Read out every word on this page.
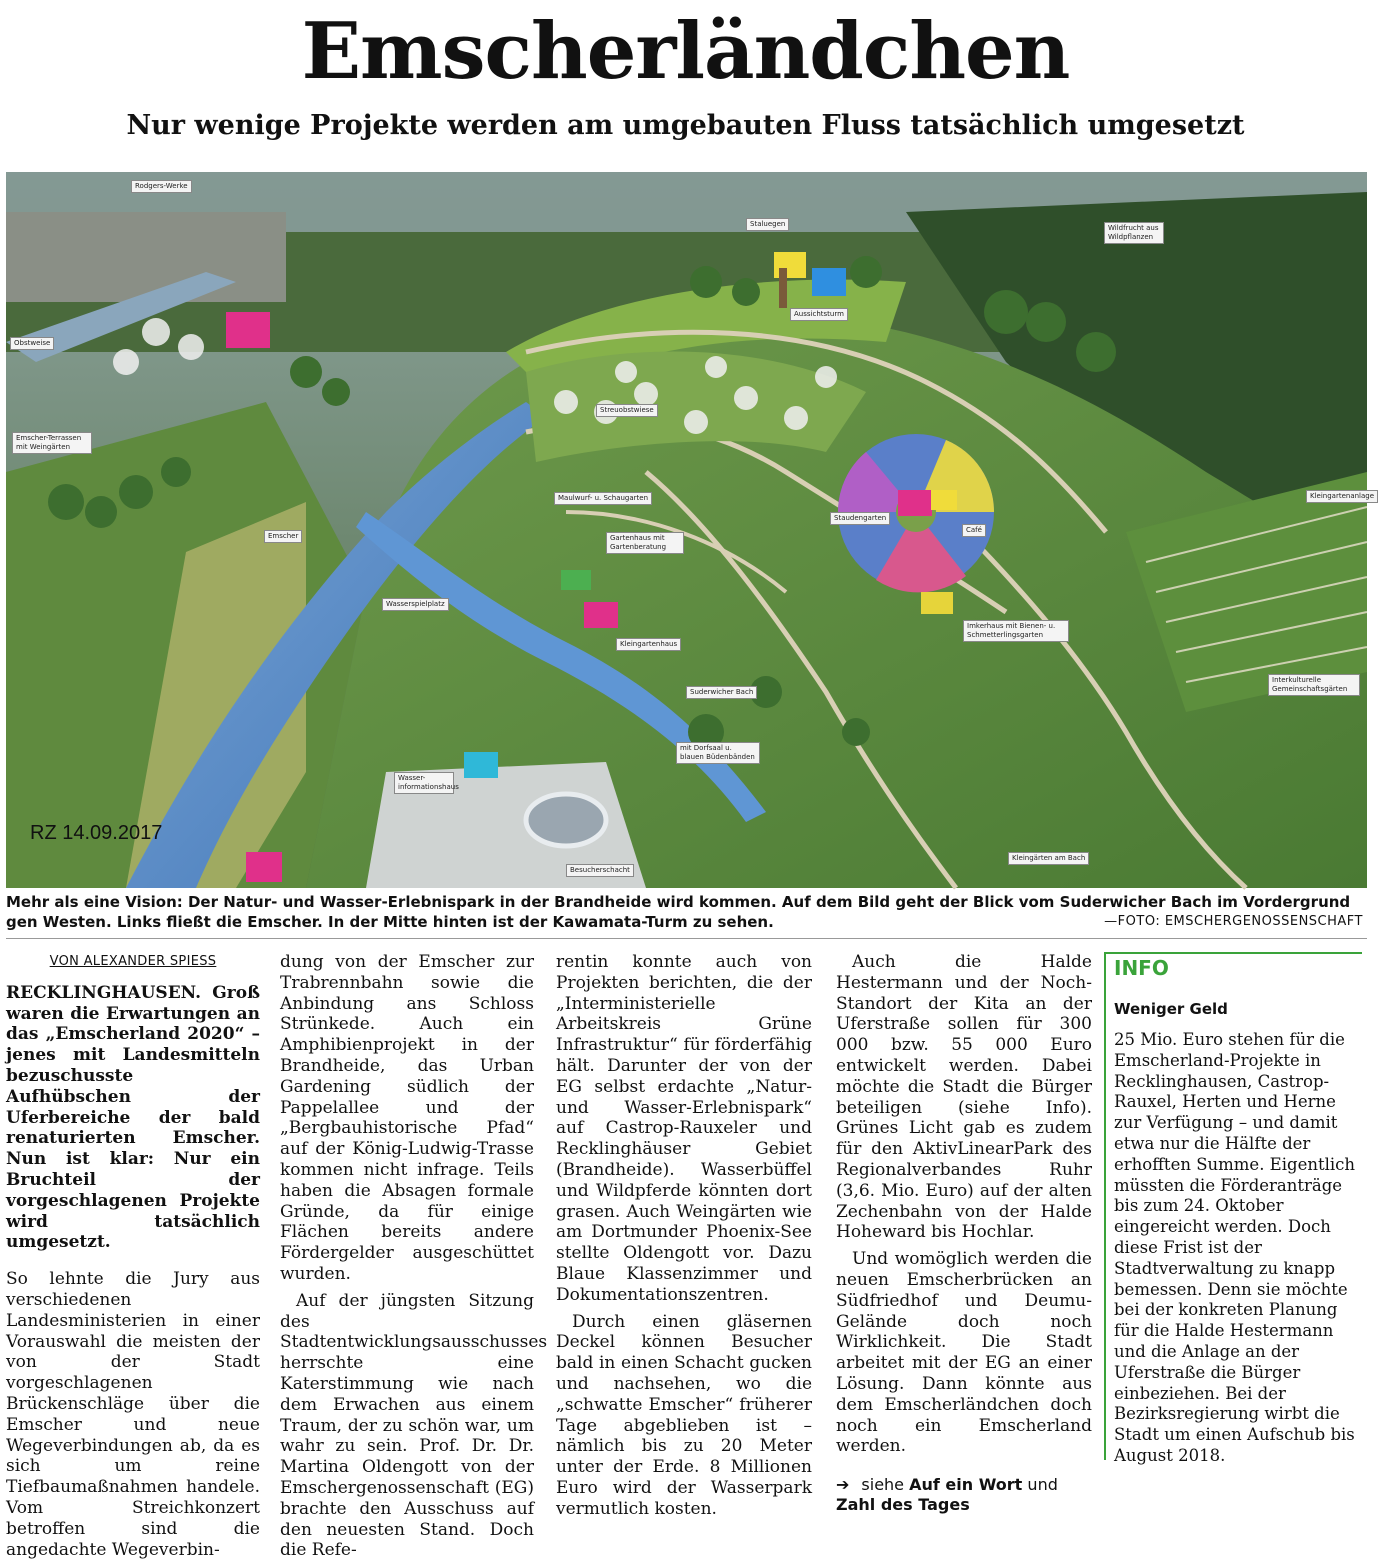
Emscherländchen
Nur wenige Projekte werden am umgebauten Fluss tatsächlich umgesetzt
Rodgers-Werke
Staluegen	Wildfrucht aus Wildpflanzen
Aussichtsturm
Obstweise
Emscher-Terrassen mit Weingärten
Emscher
Streuobstwiese
Maulwurf- u. Schaugarten
Gartenhaus mit Gartenberatung
Staudengarten
Café
Kleingartenanlage
Wasserspielplatz
Kleingartenhaus
Imkerhaus mit Bienen- u. Schmetterlingsgarten
Suderwicher Bach
mit Dorfsaal u. blauen Büdenbänden
Interkulturelle Gemeinschaftsgärten
Wasser-informationshaus
Besucherschacht
Kleingärten am Bach
RZ 14.09.2017
Mehr als eine Vision: Der Natur- und Wasser-Erlebnispark in der Brandheide wird kommen. Auf dem Bild geht der Blick vom Suderwicher Bach im Vordergrund gen Westen. Links fließt die Emscher. In der Mitte hinten ist der Kawamata-Turm zu sehen.	—FOTO: EMSCHERGENOSSENSCHAFT
VON ALEXANDER SPIESS

RECKLINGHAUSEN. Groß waren die Erwartungen an das „Emscherland 2020“ – jenes mit Landesmitteln bezuschusste Aufhübschen der Uferbereiche der bald renaturierten Emscher. Nun ist klar: Nur ein Bruchteil der vorgeschlagenen Projekte wird tatsächlich umgesetzt.

So lehnte die Jury aus verschiedenen Landesministerien in einer Vorauswahl die meisten der von der Stadt vorgeschlagenen Brückenschläge über die Emscher und neue Wegeverbindungen ab, da es sich um reine Tiefbaumaßnahmen handele. Vom Streichkonzert betroffen sind die angedachte Wegeverbin-

dung von der Emscher zur Trabrennbahn sowie die Anbindung ans Schloss Strünkede. Auch ein Amphibienprojekt in der Brandheide, das Urban Gardening südlich der Pappelallee und der „Bergbauhistorische Pfad“ auf der König-Ludwig-Trasse kommen nicht infrage. Teils haben die Absagen formale Gründe, da für einige Flächen bereits andere Fördergelder ausgeschüttet wurden.

Auf der jüngsten Sitzung des Stadtentwicklungsausschusses herrschte eine Katerstimmung wie nach dem Erwachen aus einem Traum, der zu schön war, um wahr zu sein. Prof. Dr. Dr. Martina Oldengott von der Emschergenossenschaft (EG) brachte den Ausschuss auf den neuesten Stand. Doch die Refe-

rentin konnte auch von Projekten berichten, die der „Interministerielle Arbeitskreis Grüne Infrastruktur“ für förderfähig hält. Darunter der von der EG selbst erdachte „Natur- und Wasser-Erlebnispark“ auf Castrop-Rauxeler und Recklinghäuser Gebiet (Brandheide). Wasserbüffel und Wildpferde könnten dort grasen. Auch Weingärten wie am Dortmunder Phoenix-See stellte Oldengott vor. Dazu Blaue Klassenzimmer und Dokumentationszentren.

Durch einen gläsernen Deckel können Besucher bald in einen Schacht gucken und nachsehen, wo die „schwatte Emscher“ früherer Tage abgeblieben ist – nämlich bis zu 20 Meter unter der Erde. 8 Millionen Euro wird der Wasserpark vermutlich kosten.

Auch die Halde Hestermann und der Noch-Standort der Kita an der Uferstraße sollen für 300 000 bzw. 55 000 Euro entwickelt werden. Dabei möchte die Stadt die Bürger beteiligen (siehe Info). Grünes Licht gab es zudem für den AktivLinearPark des Regionalverbandes Ruhr (3,6. Mio. Euro) auf der alten Zechenbahn von der Halde Hoheward bis Hochlar.

Und womöglich werden die neuen Emscherbrücken an Südfriedhof und Deumu-Gelände doch noch Wirklichkeit. Die Stadt arbeitet mit der EG an einer Lösung. Dann könnte aus dem Emscherländchen doch noch ein Emscherland werden.

➔ siehe Auf ein Wort und
Zahl des Tages
INFO
Weniger Geld
25 Mio. Euro stehen für die Emscherland-Projekte in Recklinghausen, Castrop-Rauxel, Herten und Herne zur Verfügung – und damit etwa nur die Hälfte der erhofften Summe. Eigentlich müssten die Förderanträge bis zum 24. Oktober eingereicht werden. Doch diese Frist ist der Stadtverwaltung zu knapp bemessen. Denn sie möchte bei der konkreten Planung für die Halde Hestermann und die Anlage an der Uferstraße die Bürger einbeziehen. Bei der Bezirksregierung wirbt die Stadt um einen Aufschub bis August 2018.
